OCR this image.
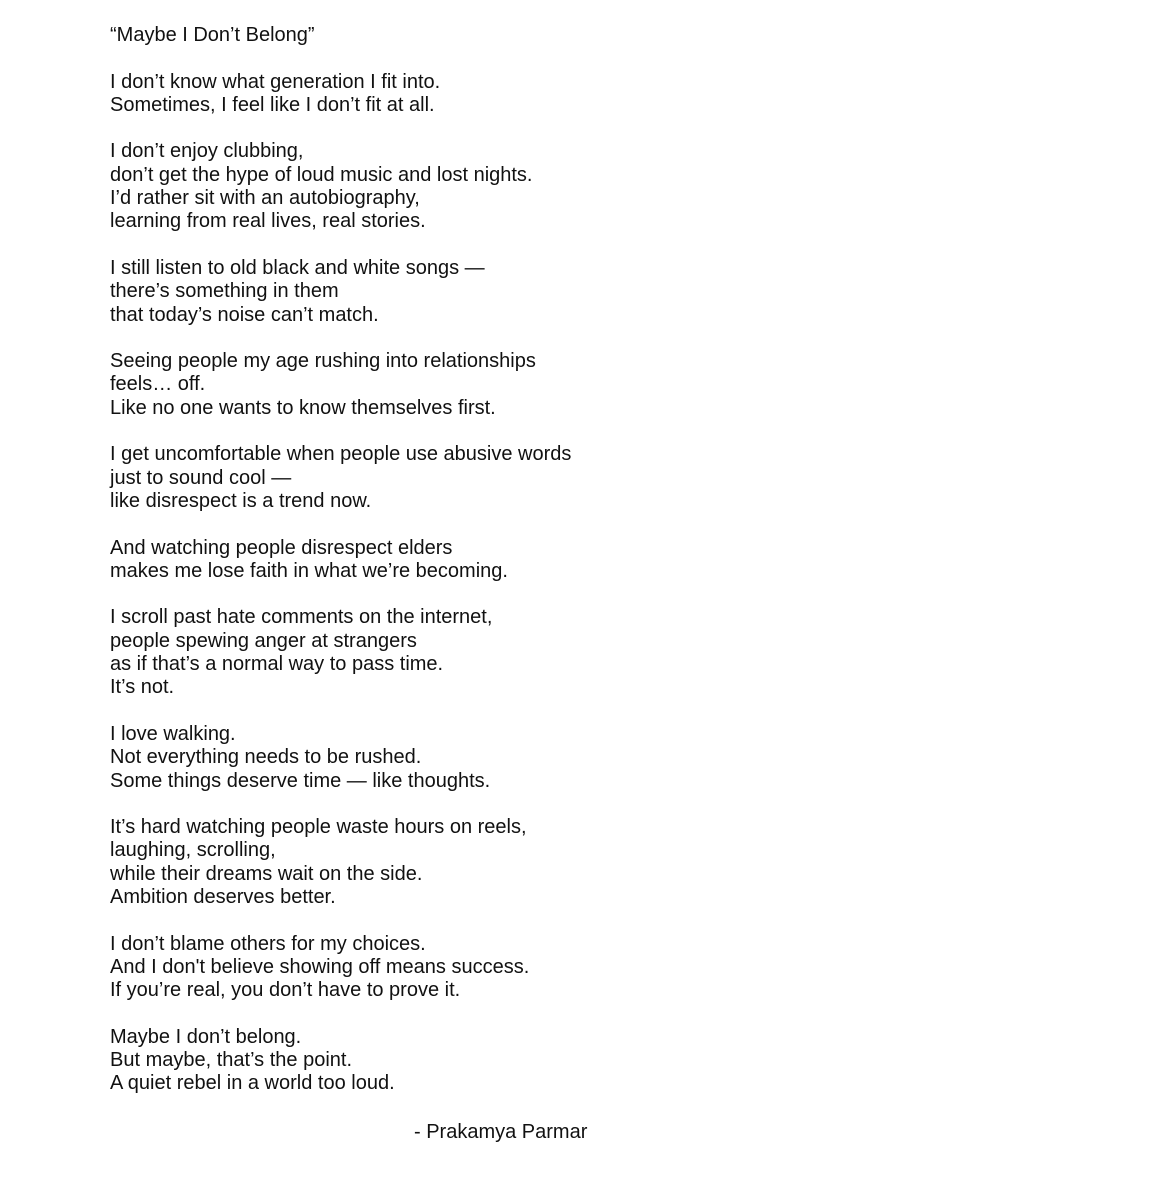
“Maybe I Don’t Belong”
I don’t know what generation I fit into.
Sometimes, I feel like I don’t fit at all.
I don’t enjoy clubbing,
don’t get the hype of loud music and lost nights.
I’d rather sit with an autobiography,
learning from real lives, real stories.
I still listen to old black and white songs —
there’s something in them
that today’s noise can’t match.
Seeing people my age rushing into relationships
feels… off.
Like no one wants to know themselves first.
I get uncomfortable when people use abusive words
just to sound cool —
like disrespect is a trend now.
And watching people disrespect elders
makes me lose faith in what we’re becoming.
I scroll past hate comments on the internet,
people spewing anger at strangers
as if that’s a normal way to pass time.
It’s not.
I love walking.
Not everything needs to be rushed.
Some things deserve time — like thoughts.
It’s hard watching people waste hours on reels,
laughing, scrolling,
while their dreams wait on the side.
Ambition deserves better.
I don’t blame others for my choices.
And I don't believe showing off means success.
If you’re real, you don’t have to prove it.
Maybe I don’t belong.
But maybe, that’s the point.
A quiet rebel in a world too loud.
- Prakamya Parmar
